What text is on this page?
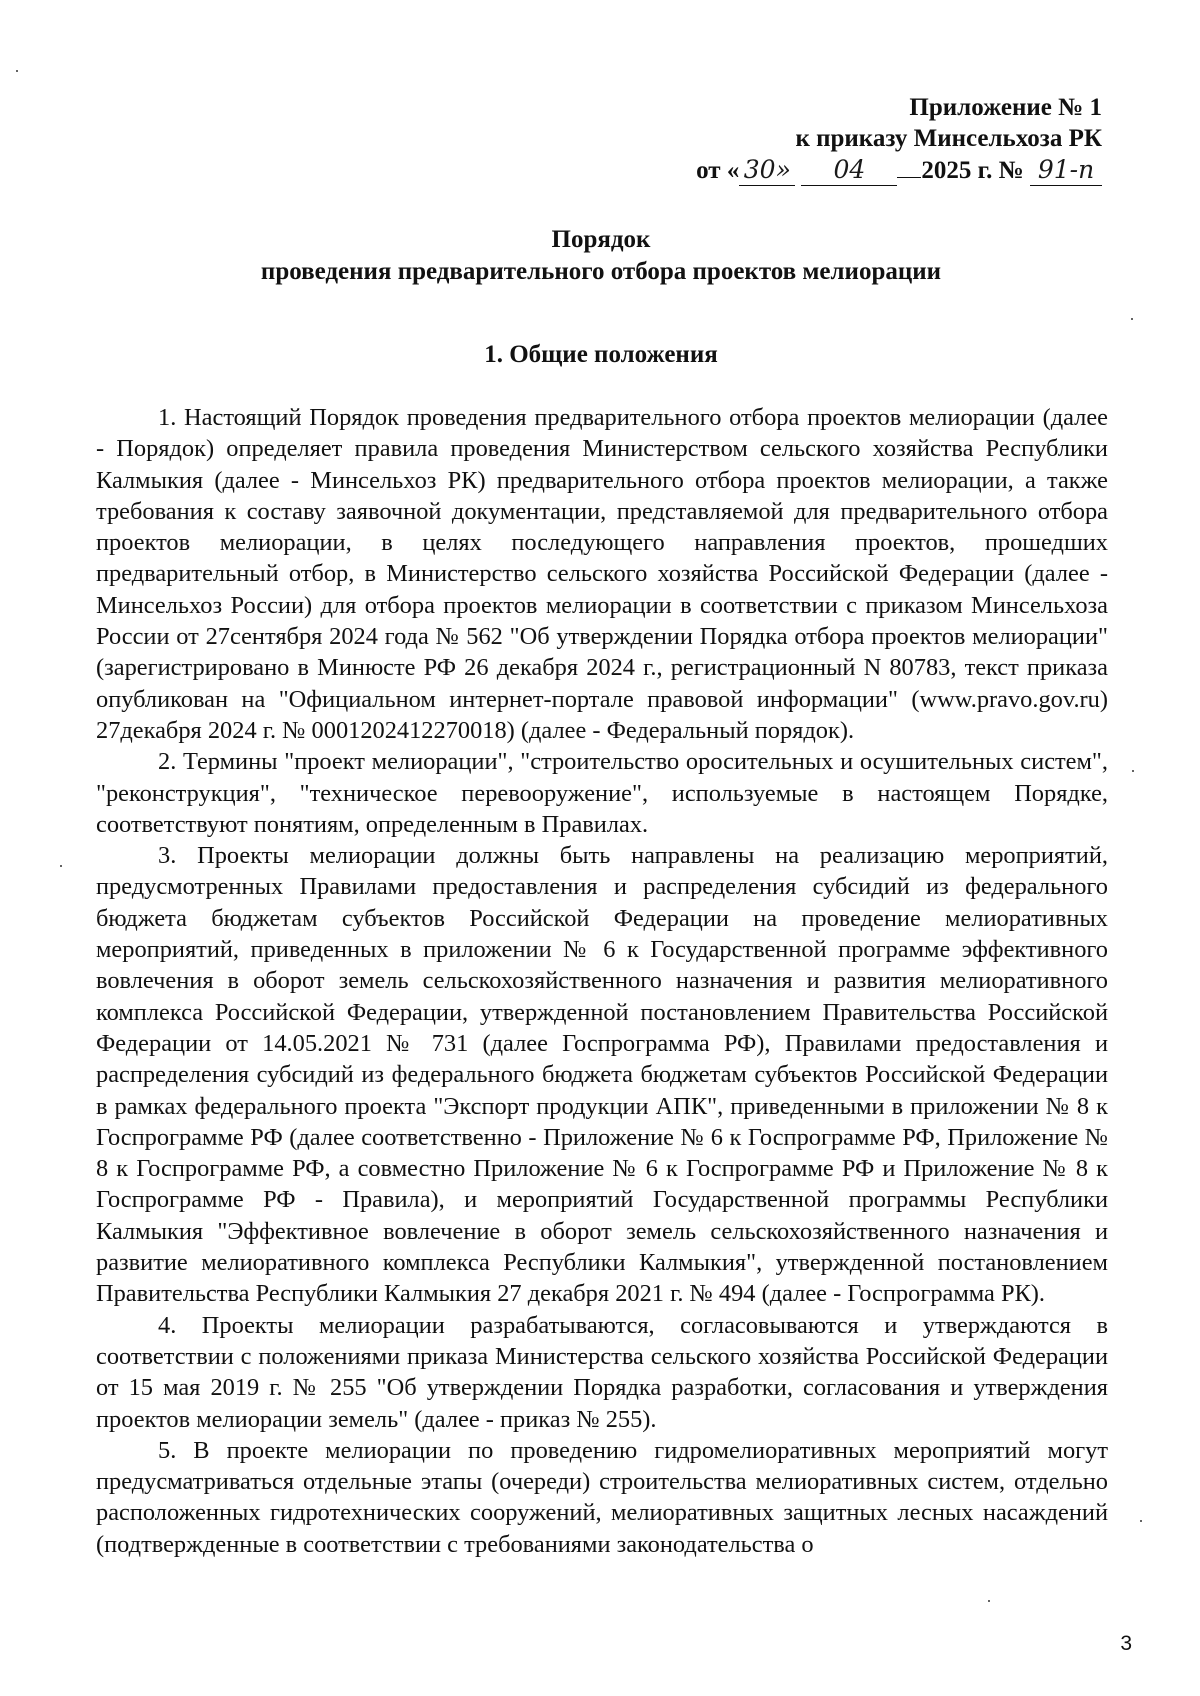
Приложение № 1
к приказу Минсельхоза РК
от « 30» 04 2025 г. № 91-п
Порядок
проведения предварительного отбора проектов мелиорации
1. Общие положения

1. Настоящий Порядок проведения предварительного отбора проектов мелиорации (далее - Порядок) определяет правила проведения Министерством сельского хозяйства Республики Калмыкия (далее - Минсельхоз РК) предварительного отбора проектов мелиорации, а также требования к составу заявочной документации, представляемой для предварительного отбора проектов мелиорации, в целях последующего направления проектов, прошедших предварительный отбор, в Министерство сельского хозяйства Российской Федерации (далее - Минсельхоз России) для отбора проектов мелиорации в соответствии с приказом Минсельхоза России от 27сентября 2024 года № 562 "Об утверждении Порядка отбора проектов мелиорации" (зарегистрировано в Минюсте РФ 26 декабря 2024 г., регистрационный N 80783, текст приказа опубликован на "Официальном интернет-портале правовой информации" (www.pravo.gov.ru) 27декабря 2024 г. № 0001202412270018) (далее - Федеральный порядок).

2. Термины "проект мелиорации", "строительство оросительных и осушительных систем", "реконструкция", "техническое перевооружение", используемые в настоящем Порядке, соответствуют понятиям, определенным в Правилах.

3. Проекты мелиорации должны быть направлены на реализацию мероприятий, предусмотренных Правилами предоставления и распределения субсидий из федерального бюджета бюджетам субъектов Российской Федерации на проведение мелиоративных мероприятий, приведенных в приложении № 6 к Государственной программе эффективного вовлечения в оборот земель сельскохозяйственного назначения и развития мелиоративного комплекса Российской Федерации, утвержденной постановлением Правительства Российской Федерации от 14.05.2021 № 731 (далее Госпрограмма РФ), Правилами предоставления и распределения субсидий из федерального бюджета бюджетам субъектов Российской Федерации в рамках федерального проекта "Экспорт продукции АПК", приведенными в приложении № 8 к Госпрограмме РФ (далее соответственно - Приложение № 6 к Госпрограмме РФ, Приложение № 8 к Госпрограмме РФ, а совместно Приложение № 6 к Госпрограмме РФ и Приложение № 8 к Госпрограмме РФ - Правила), и мероприятий Государственной программы Республики Калмыкия "Эффективное вовлечение в оборот земель сельскохозяйственного назначения и развитие мелиоративного комплекса Республики Калмыкия", утвержденной постановлением Правительства Республики Калмыкия 27 декабря 2021 г. № 494 (далее - Госпрограмма РК).

4. Проекты мелиорации разрабатываются, согласовываются и утверждаются в соответствии с положениями приказа Министерства сельского хозяйства Российской Федерации от 15 мая 2019 г. № 255 "Об утверждении Порядка разработки, согласования и утверждения проектов мелиорации земель" (далее - приказ № 255).

5. В проекте мелиорации по проведению гидромелиоративных мероприятий могут предусматриваться отдельные этапы (очереди) строительства мелиоративных систем, отдельно расположенных гидротехнических сооружений, мелиоративных защитных лесных насаждений (подтвержденные в соответствии с требованиями законодательства о

3
